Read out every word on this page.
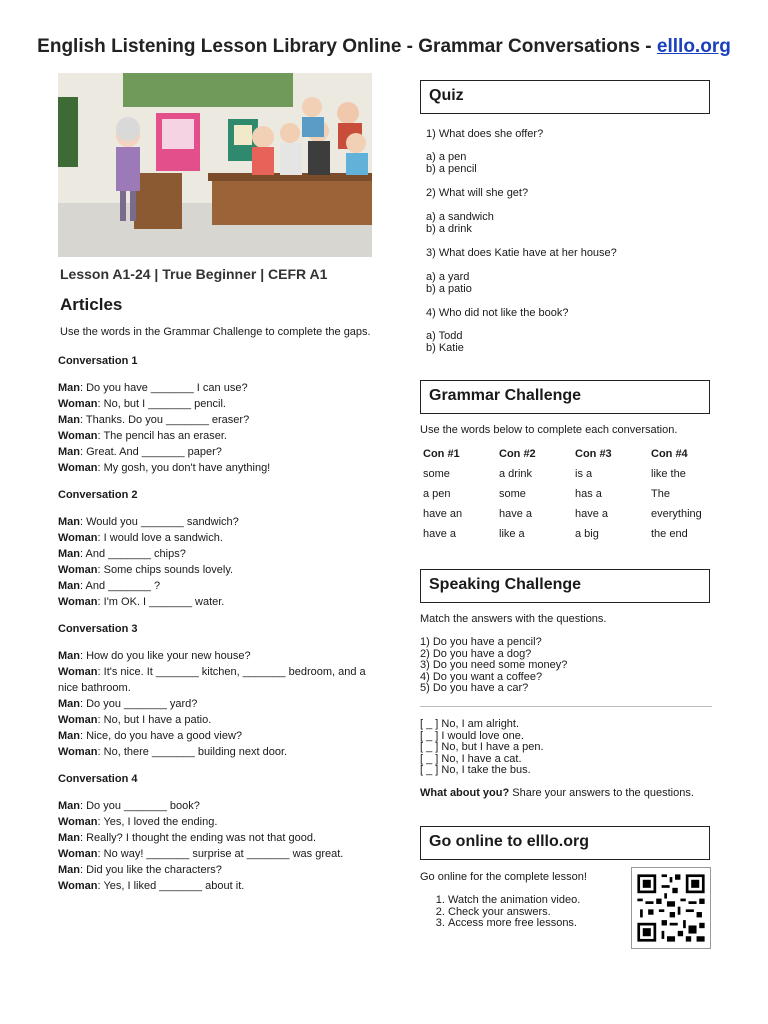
English Listening Lesson Library Online - Grammar Conversations - elllo.org
Lesson A1-24 | True Beginner | CEFR A1
Articles
Use the words in the Grammar Challenge to complete the gaps.
Conversation 1
Man: Do you have _______ I can use?
Woman: No, but I _______ pencil.
Man: Thanks. Do you _______ eraser?
Woman: The pencil has an eraser.
Man: Great. And _______ paper?
Woman: My gosh, you don't have anything!
Conversation 2
Man: Would you _______ sandwich?
Woman: I would love a sandwich.
Man: And _______ chips?
Woman: Some chips sounds lovely.
Man: And _______ ?
Woman: I'm OK. I _______ water.
Conversation 3
Man: How do you like your new house?
Woman: It's nice. It _______ kitchen, _______ bedroom, and a nice bathroom.
Man: Do you _______ yard?
Woman: No, but I have a patio.
Man: Nice, do you have a good view?
Woman: No, there _______ building next door.
Conversation 4
Man: Do you _______ book?
Woman: Yes, I loved the ending.
Man: Really? I thought the ending was not that good.
Woman: No way! _______ surprise at _______ was great.
Man: Did you like the characters?
Woman: Yes, I liked _______ about it.
Quiz
1) What does she offer?
a) a pen
b) a pencil
2) What will she get?
a) a sandwich
b) a drink
3) What does Katie have at her house?
a) a yard
b) a patio
4) Who did not like the book?
a) Todd
b) Katie
Grammar Challenge
Use the words below to complete each conversation.
Con #1	Con #2	Con #3	Con #4
some	a drink	is a	like the
a pen	some	has a	The
have an	have a	have a	everything
have a	like a	a big	the end
Speaking Challenge
Match the answers with the questions.
1) Do you have a pencil?
2) Do you have a dog?
3) Do you need some money?
4) Do you want a coffee?
5) Do you have a car?
[ _ ] No, I am alright.
[ _ ] I would love one.
[ _ ] No, but I have a pen.
[ _ ] No, I have a cat.
[ _ ] No, I take the bus.
What about you? Share your answers to the questions.
Go online to elllo.org
Go online for the complete lesson!
1. Watch the animation video.
2. Check your answers.
3. Access more free lessons.
